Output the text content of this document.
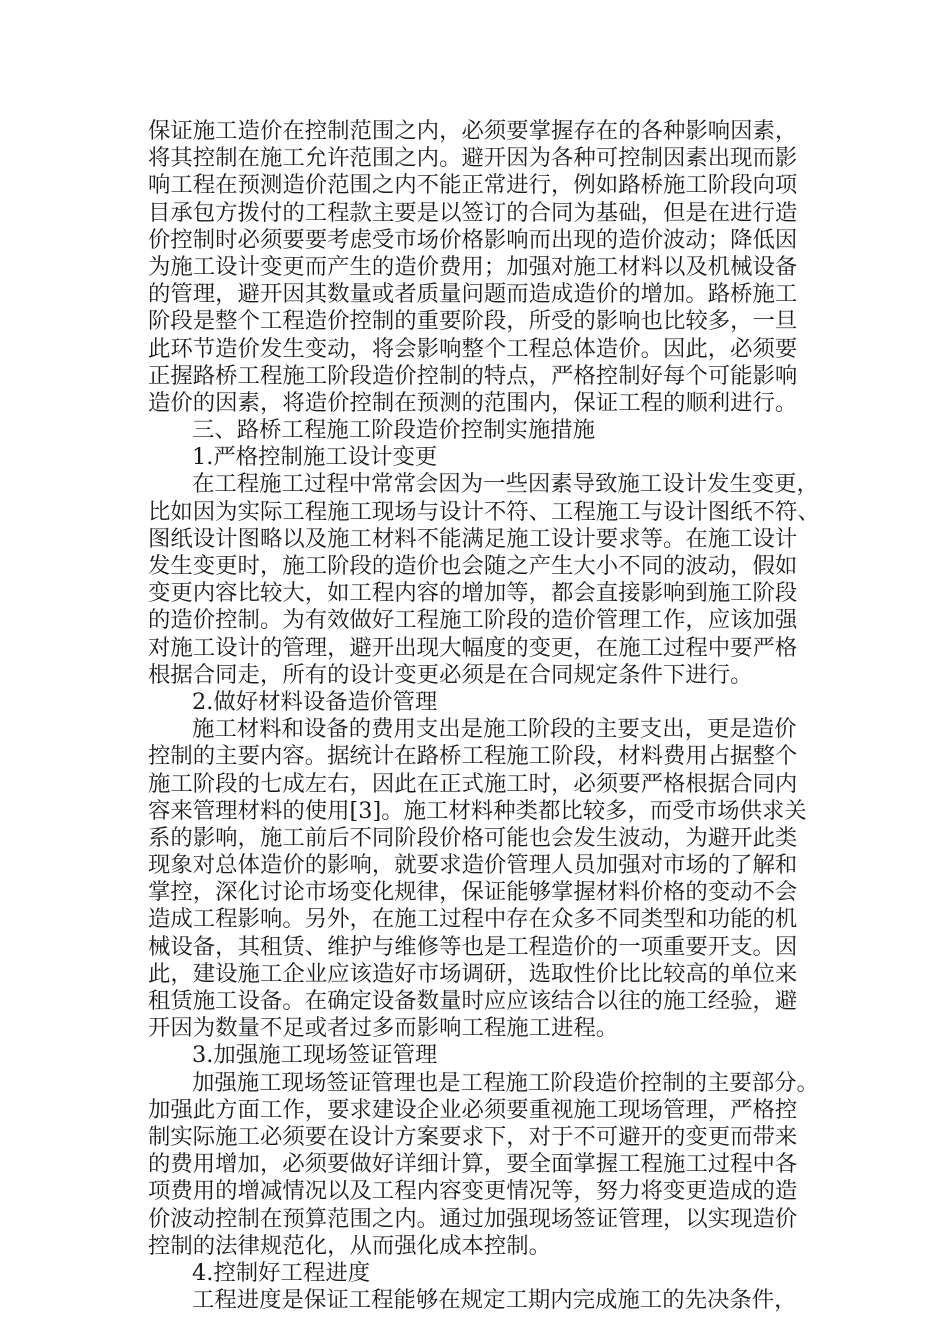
保证施工造价在控制范围之内，必须要掌握存在的各种影响因素，
将其控制在施工允许范围之内。避开因为各种可控制因素出现而影
响工程在预测造价范围之内不能正常进行，例如路桥施工阶段向项
目承包方拨付的工程款主要是以签订的合同为基础，但是在进行造
价控制时必须要要考虑受市场价格影响而出现的造价波动；降低因
为施工设计变更而产生的造价费用；加强对施工材料以及机械设备
的管理，避开因其数量或者质量问题而造成造价的增加。路桥施工
阶段是整个工程造价控制的重要阶段，所受的影响也比较多，一旦
此环节造价发生变动，将会影响整个工程总体造价。因此，必须要
正握路桥工程施工阶段造价控制的特点，严格控制好每个可能影响
造价的因素，将造价控制在预测的范围内，保证工程的顺利进行。
三、路桥工程施工阶段造价控制实施措施
1.严格控制施工设计变更
在工程施工过程中常常会因为一些因素导致施工设计发生变更，
比如因为实际工程施工现场与设计不符、工程施工与设计图纸不符、
图纸设计图略以及施工材料不能满足施工设计要求等。在施工设计
发生变更时，施工阶段的造价也会随之产生大小不同的波动，假如
变更内容比较大，如工程内容的增加等，都会直接影响到施工阶段
的造价控制。为有效做好工程施工阶段的造价管理工作，应该加强
对施工设计的管理，避开出现大幅度的变更，在施工过程中要严格
根据合同走，所有的设计变更必须是在合同规定条件下进行。
2.做好材料设备造价管理
施工材料和设备的费用支出是施工阶段的主要支出，更是造价
控制的主要内容。据统计在路桥工程施工阶段，材料费用占据整个
施工阶段的七成左右，因此在正式施工时，必须要严格根据合同内
容来管理材料的使用[3]。施工材料种类都比较多，而受市场供求关
系的影响，施工前后不同阶段价格可能也会发生波动，为避开此类
现象对总体造价的影响，就要求造价管理人员加强对市场的了解和
掌控，深化讨论市场变化规律，保证能够掌握材料价格的变动不会
造成工程影响。另外，在施工过程中存在众多不同类型和功能的机
械设备，其租赁、维护与维修等也是工程造价的一项重要开支。因
此，建设施工企业应该造好市场调研，选取性价比比较高的单位来
租赁施工设备。在确定设备数量时应应该结合以往的施工经验，避
开因为数量不足或者过多而影响工程施工进程。
3.加强施工现场签证管理
加强施工现场签证管理也是工程施工阶段造价控制的主要部分。
加强此方面工作，要求建设企业必须要重视施工现场管理，严格控
制实际施工必须要在设计方案要求下，对于不可避开的变更而带来
的费用增加，必须要做好详细计算，要全面掌握工程施工过程中各
项费用的增减情况以及工程内容变更情况等，努力将变更造成的造
价波动控制在预算范围之内。通过加强现场签证管理，以实现造价
控制的法律规范化，从而强化成本控制。
4.控制好工程进度
工程进度是保证工程能够在规定工期内完成施工的先决条件，
